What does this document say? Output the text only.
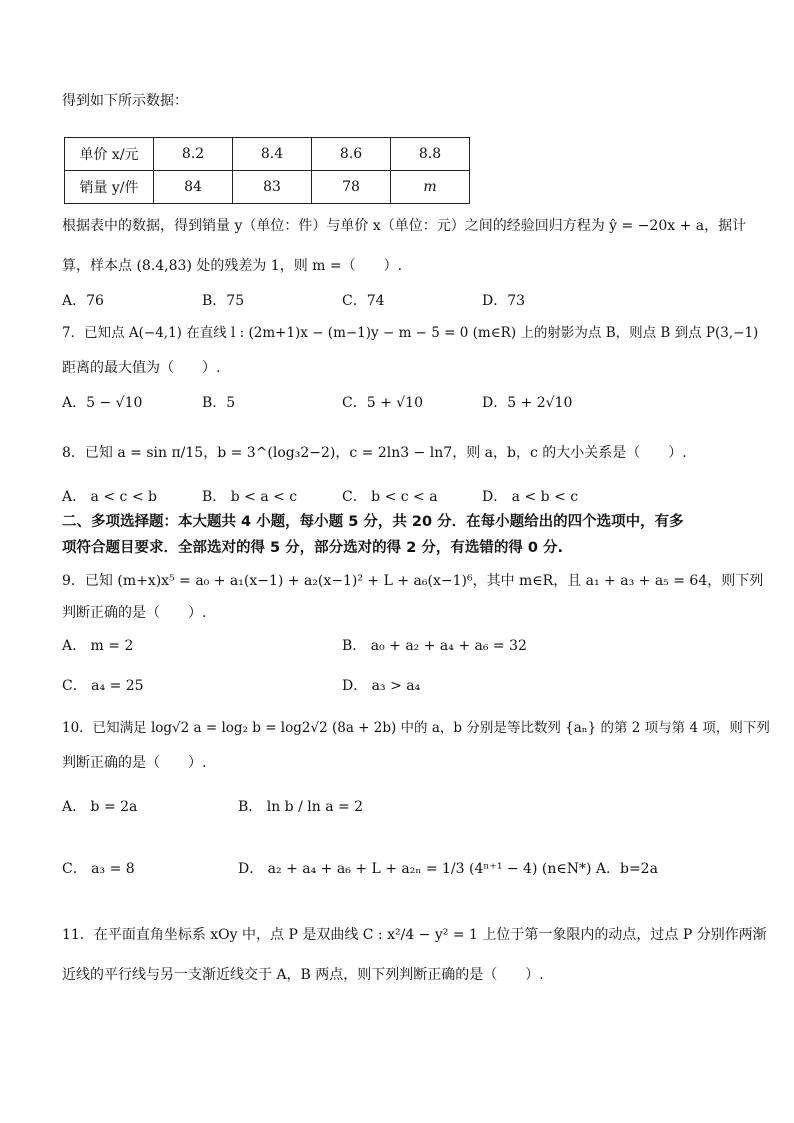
得到如下所示数据：
单价 x/元	8.2	8.4	8.6	8.8
销量 y/件	84	83	78	m
根据表中的数据，得到销量 y（单位：件）与单价 x（单位：元）之间的经验回归方程为 ŷ = −20x + a，据计
算，样本点 (8.4,83) 处的残差为 1，则 m =（　　）.
A．76	B．75	C．74	D．73
7．已知点 A(−4,1) 在直线 l : (2m+1)x − (m−1)y − m − 5 = 0 (m∈R) 上的射影为点 B，则点 B 到点 P(3,−1)
距离的最大值为（　　）.
A．5 − √10	B．5	C．5 + √10	D．5 + 2√10
8．已知 a = sin π/15，b = 3^(log₃2−2)，c = 2ln3 − ln7，则 a，b，c 的大小关系是（　　）.
A． a < c < b	B． b < a < c	C． b < c < a	D． a < b < c
二、多项选择题：本大题共 4 小题，每小题 5 分，共 20 分．在每小题给出的四个选项中，有多
项符合题目要求．全部选对的得 5 分，部分选对的得 2 分，有选错的得 0 分.
9．已知 (m+x)x⁵ = a₀ + a₁(x−1) + a₂(x−1)² + L + a₆(x−1)⁶，其中 m∈R，且 a₁ + a₃ + a₅ = 64，则下列
判断正确的是（　　）.
A． m = 2	B． a₀ + a₂ + a₄ + a₆ = 32
C． a₄ = 25	D． a₃ > a₄
10．已知满足 log√2 a = log₂ b = log2√2 (8a + 2b) 中的 a，b 分别是等比数列 {aₙ} 的第 2 项与第 4 项，则下列
判断正确的是（　　）.
A． b = 2a	B． ln b / ln a = 2
C． a₃ = 8	D． a₂ + a₄ + a₆ + L + a₂ₙ = 1/3 (4ⁿ⁺¹ − 4) (n∈N*) A．b=2a
11．在平面直角坐标系 xOy 中，点 P 是双曲线 C : x²/4 − y² = 1 上位于第一象限内的动点，过点 P 分别作两渐
近线的平行线与另一支渐近线交于 A，B 两点，则下列判断正确的是（　　）.
